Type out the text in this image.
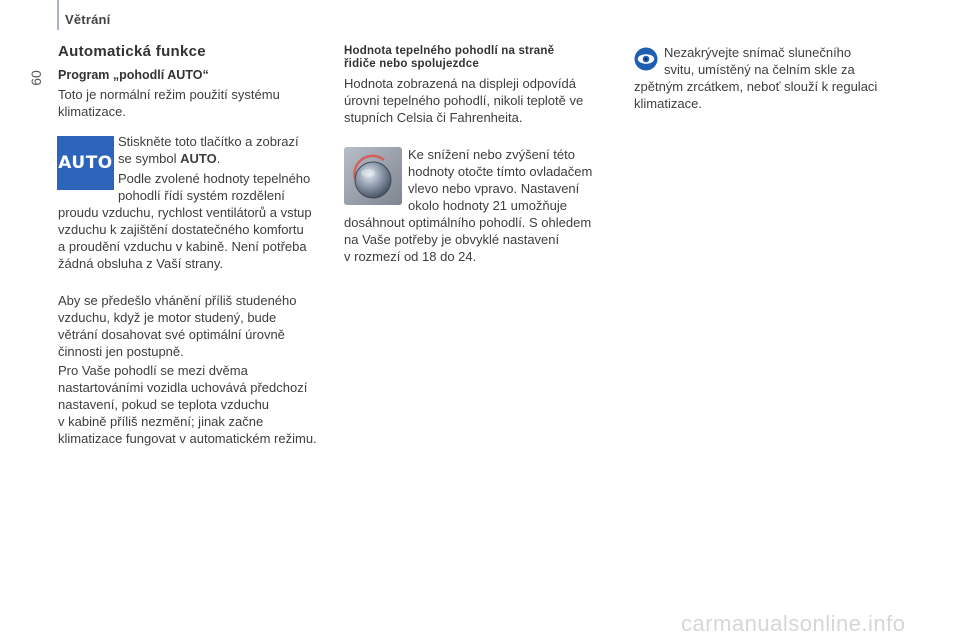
Větrání
60
Automatická funkce
Program „pohodlí AUTO“
Toto je normální režim použití systému
klimatizace.
AUTO
Stiskněte toto tlačítko a zobrazí
se symbol AUTO.
Podle zvolené hodnoty tepelného
pohodlí řídí systém rozdělení
proudu vzduchu, rychlost ventilátorů a vstup
vzduchu k zajištění dostatečného komfortu
a proudění vzduchu v kabině. Není potřeba
žádná obsluha z Vaší strany.
Aby se předešlo vhánění příliš studeného
vzduchu, když je motor studený, bude
větrání dosahovat své optimální úrovně
činnosti jen postupně.
Pro Vaše pohodlí se mezi dvěma
nastartováními vozidla uchovává předchozí
nastavení, pokud se teplota vzduchu
v kabině příliš nezmění; jinak začne
klimatizace fungovat v automatickém režimu.
Hodnota tepelného pohodlí na straně
řidiče nebo spolujezdce
Hodnota zobrazená na displeji odpovídá
úrovni tepelného pohodlí, nikoli teplotě ve
stupních Celsia či Fahrenheita.
Ke snížení nebo zvýšení této
hodnoty otočte tímto ovladačem
vlevo nebo vpravo. Nastavení
okolo hodnoty 21 umožňuje
dosáhnout optimálního pohodlí. S ohledem
na Vaše potřeby je obvyklé nastavení
v rozmezí od 18 do 24.
Nezakrývejte snímač slunečního
svitu, umístěný na čelním skle za
zpětným zrcátkem, neboť slouží k regulaci
klimatizace.
carmanualsonline.info
